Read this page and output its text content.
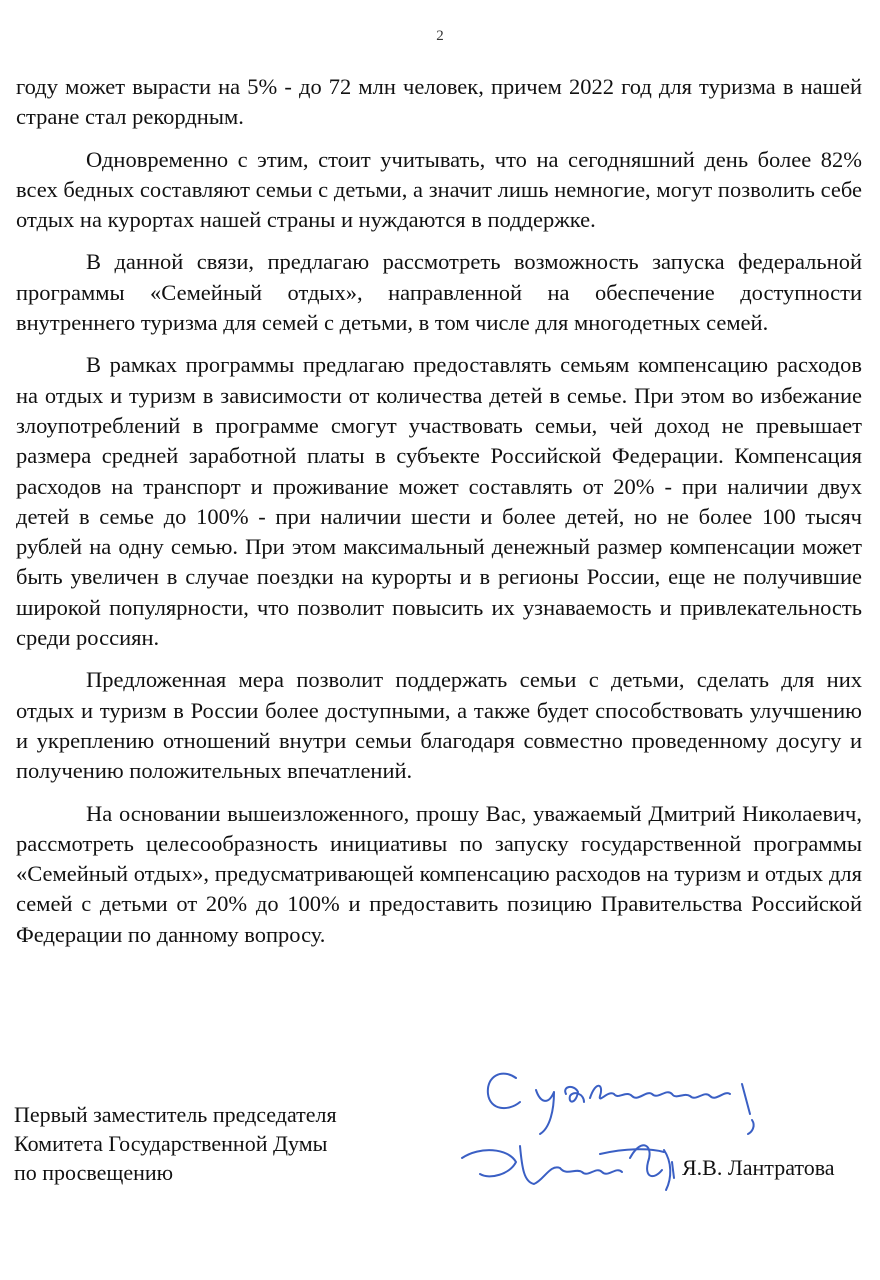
2

году может вырасти на 5% - до 72 млн человек, причем 2022 год для туризма в нашей стране стал рекордным.

Одновременно с этим, стоит учитывать, что на сегодняшний день более 82% всех бедных составляют семьи с детьми, а значит лишь немногие, могут позволить себе отдых на курортах нашей страны и нуждаются в поддержке.

В данной связи, предлагаю рассмотреть возможность запуска федеральной программы «Семейный отдых», направленной на обеспечение доступности внутреннего туризма для семей с детьми, в том числе для многодетных семей.

В рамках программы предлагаю предоставлять семьям компенсацию расходов на отдых и туризм в зависимости от количества детей в семье. При этом во избежание злоупотреблений в программе смогут участвовать семьи, чей доход не превышает размера средней заработной платы в субъекте Российской Федерации. Компенсация расходов на транспорт и проживание может составлять от 20% - при наличии двух детей в семье до 100% - при наличии шести и более детей, но не более 100 тысяч рублей на одну семью. При этом максимальный денежный размер компенсации может быть увеличен в случае поездки на курорты и в регионы России, еще не получившие широкой популярности, что позволит повысить их узнаваемость и привлекательность среди россиян.

Предложенная мера позволит поддержать семьи с детьми, сделать для них отдых и туризм в России более доступными, а также будет способствовать улучшению и укреплению отношений внутри семьи благодаря совместно проведенному досугу и получению положительных впечатлений.

На основании вышеизложенного, прошу Вас, уважаемый Дмитрий Николаевич, рассмотреть целесообразность инициативы по запуску государственной программы «Семейный отдых», предусматривающей компенсацию расходов на туризм и отдых для семей с детьми от 20% до 100% и предоставить позицию Правительства Российской Федерации по данному вопросу.

Первый заместитель председателя
Комитета Государственной Думы
по просвещению	Я.В. Лантратова
